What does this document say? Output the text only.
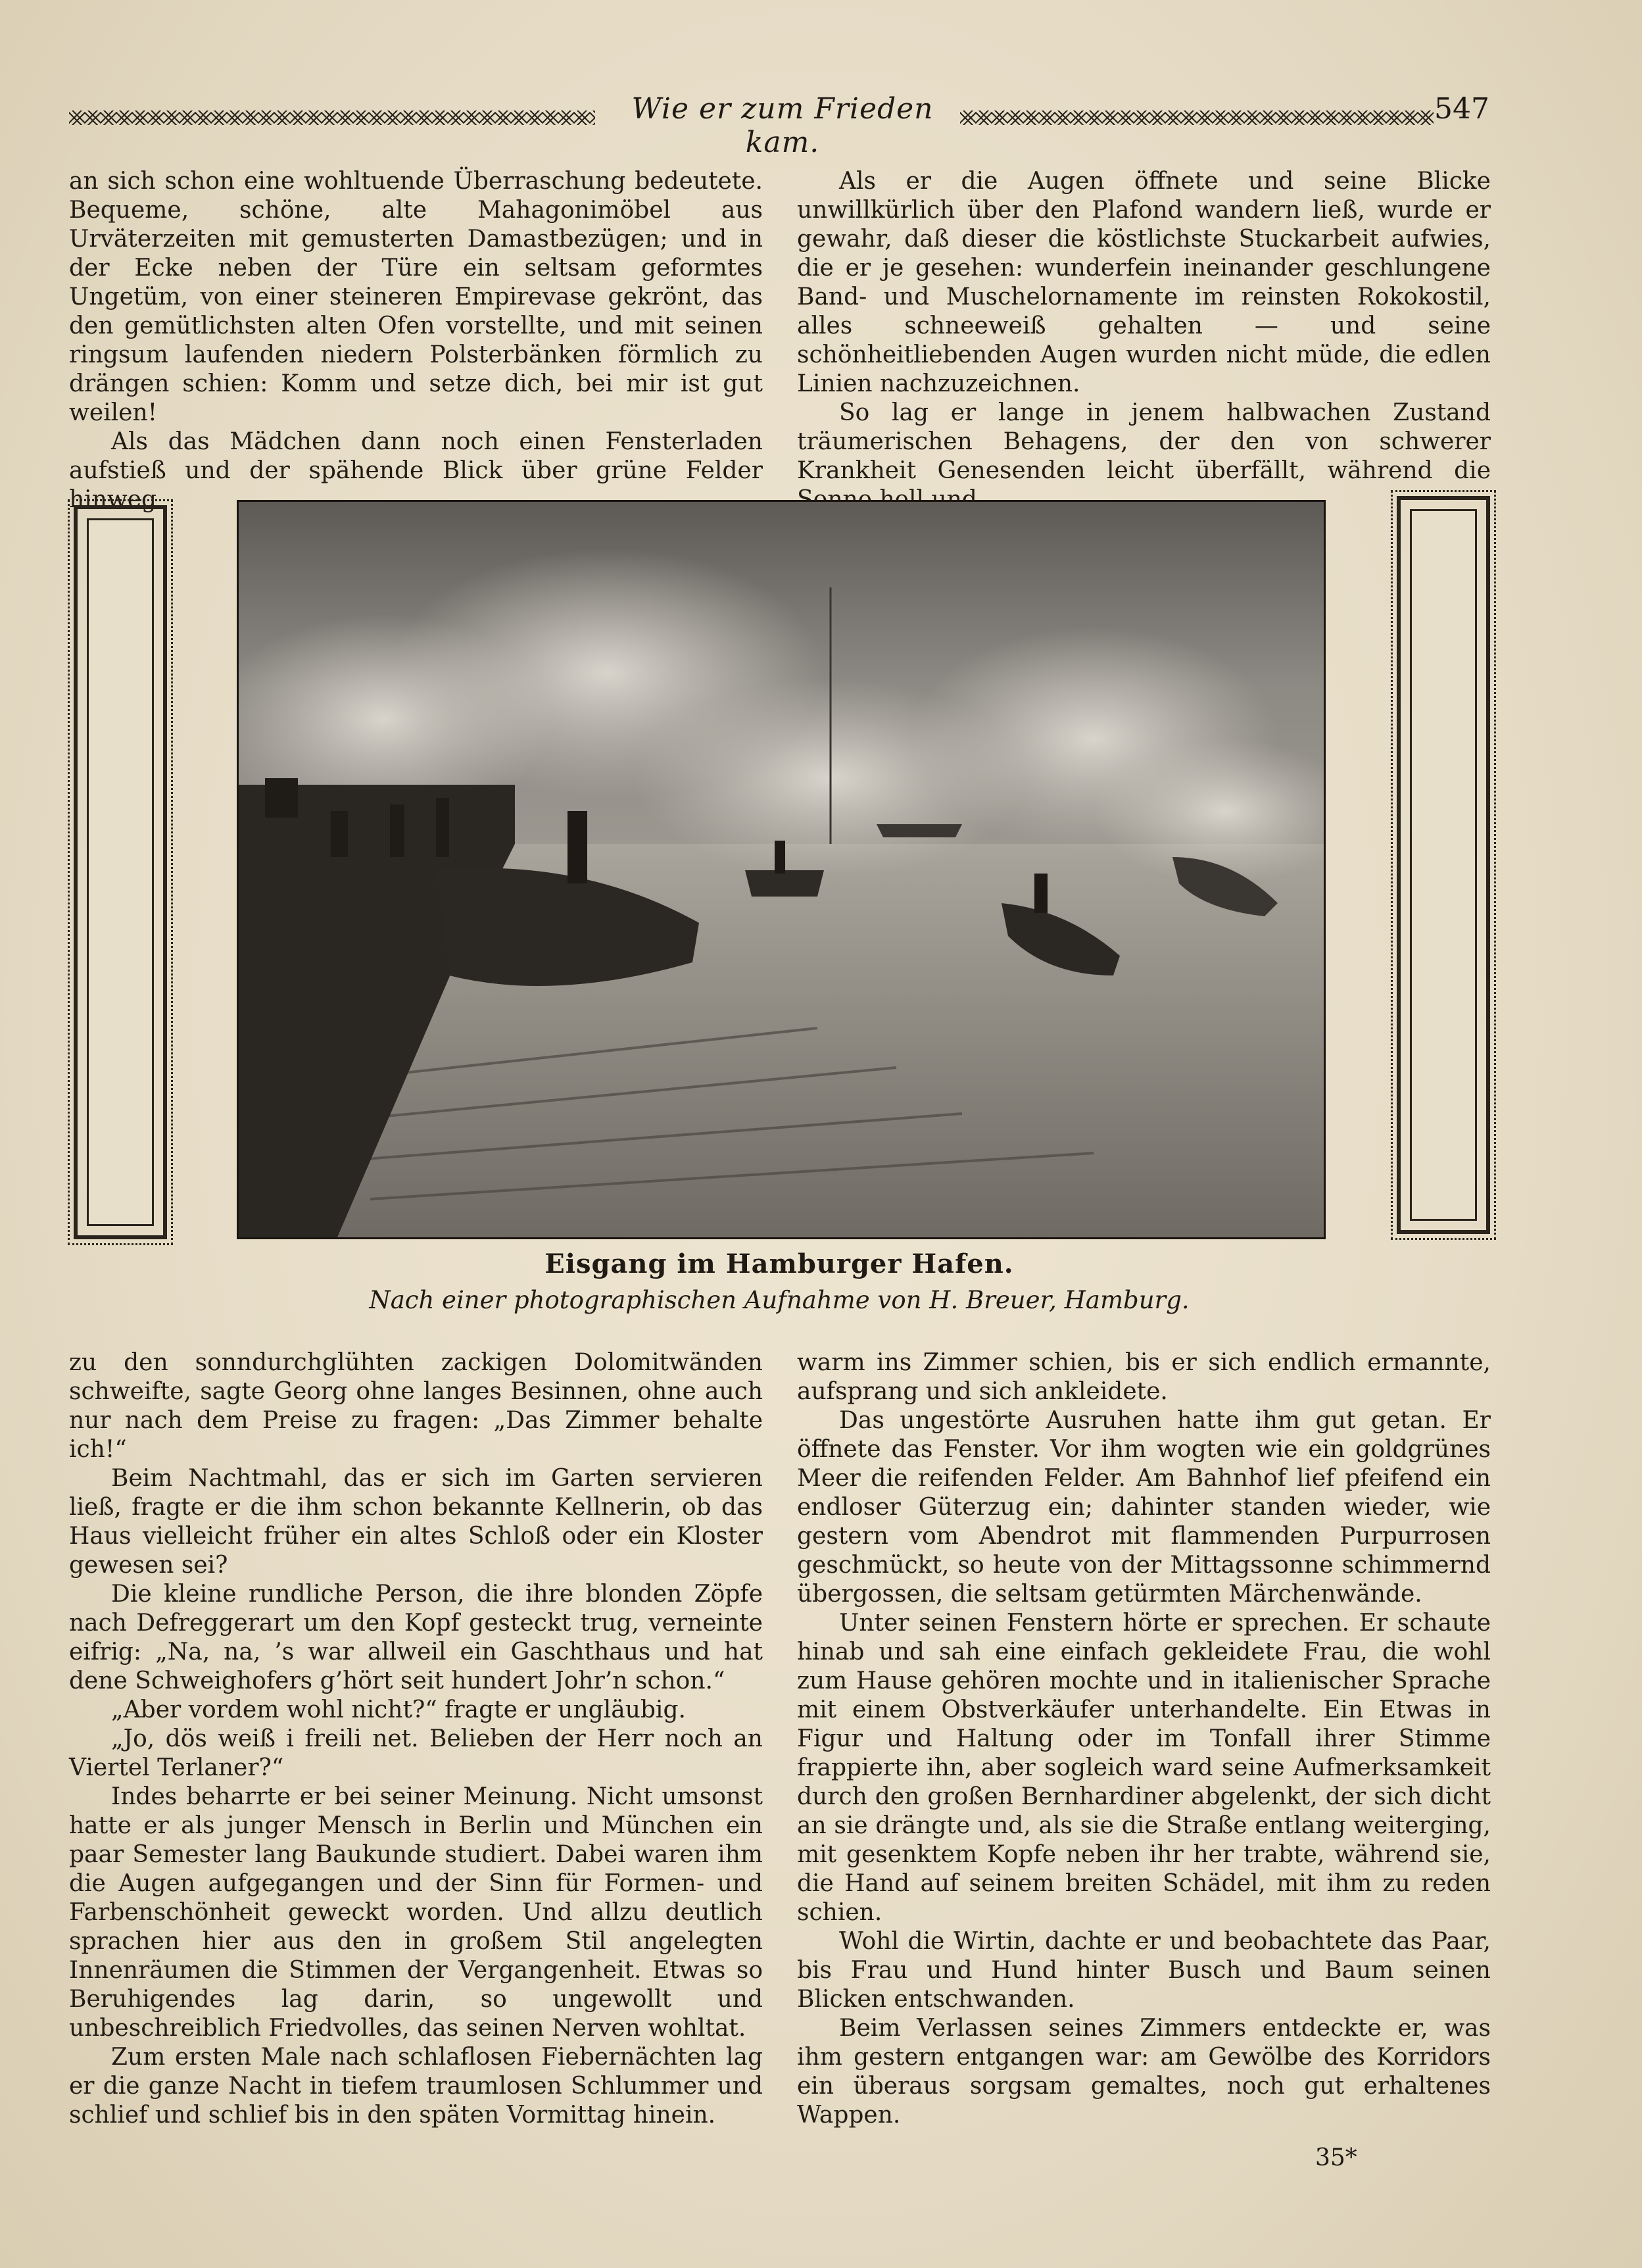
Wie er zum Frieden kam.
547

an sich schon eine wohltuende Überraschung bedeutete. Bequeme, schöne, alte Mahagonimöbel aus Urväterzeiten mit gemusterten Damastbezügen; und in der Ecke neben der Türe ein seltsam geformtes Ungetüm, von einer steineren Empirevase gekrönt, das den gemütlichsten alten Ofen vorstellte, und mit seinen ringsum laufenden niedern Polsterbänken förmlich zu drängen schien: Komm und setze dich, bei mir ist gut weilen!

Als das Mädchen dann noch einen Fensterladen aufstieß und der spähende Blick über grüne Felder hinweg

Als er die Augen öffnete und seine Blicke unwillkürlich über den Plafond wandern ließ, wurde er gewahr, daß dieser die köstlichste Stuckarbeit aufwies, die er je gesehen: wunderfein ineinander geschlungene Band- und Muschelornamente im reinsten Rokokostil, alles schneeweiß gehalten — und seine schönheitliebenden Augen wurden nicht müde, die edlen Linien nachzuzeichnen.

So lag er lange in jenem halbwachen Zustand träumerischen Behagens, der den von schwerer Krankheit Genesenden leicht überfällt, während die

Eisgang im Hamburger Hafen.
Nach einer photographischen Aufnahme von H. Breuer, Hamburg.

zu den sonndurchglühten zackigen Dolomitwänden schweifte, sagte Georg ohne langes Besinnen, ohne auch nur nach dem Preise zu fragen: „Das Zimmer behalte ich!“

Beim Nachtmahl, das er sich im Garten servieren ließ, fragte er die ihm schon bekannte Kellnerin, ob das Haus vielleicht früher ein altes Schloß oder ein Kloster gewesen sei?

Die kleine rundliche Person, die ihre blonden Zöpfe nach Defreggerart um den Kopf gesteckt trug, verneinte eifrig: „Na, na, ’s war allweil ein Gaschthaus und hat dene Schweighofers g’hört seit hundert Johr’n schon.“

„Aber vordem wohl nicht?“ fragte er ungläubig.

„Jo, dös weiß i freili net. Belieben der Herr noch an Viertel Terlaner?“

Indes beharrte er bei seiner Meinung. Nicht umsonst hatte er als junger Mensch in Berlin und München ein paar Semester lang Baukunde studiert. Dabei waren ihm die Augen aufgegangen und der Sinn für Formen- und Farbenschönheit geweckt worden. Und allzu deutlich sprachen hier aus den in großem Stil angelegten Innenräumen die Stimmen der Vergangenheit. Etwas so Beruhigendes lag darin, so ungewollt und unbeschreiblich Friedvolles, das seinen Nerven wohltat.

Zum ersten Male nach schlaflosen Fiebernächten lag er die ganze Nacht in tiefem traumlosen Schlummer und schlief und schlief bis in den späten Vormittag hinein.

warm ins Zimmer schien, bis er sich endlich ermannte, aufsprang und sich ankleidete.

Das ungestörte Ausruhen hatte ihm gut getan. Er öffnete das Fenster. Vor ihm wogten wie ein goldgrünes Meer die reifenden Felder. Am Bahnhof lief pfeifend ein endloser Güterzug ein; dahinter standen wieder, wie gestern vom Abendrot mit flammenden Purpurrosen geschmückt, so heute von der Mittagssonne schimmernd übergossen, die seltsam getürmten Märchenwände.

Unter seinen Fenstern hörte er sprechen. Er schaute hinab und sah eine einfach gekleidete Frau, die wohl zum Hause gehören mochte und in italienischer Sprache mit einem Obstverkäufer unterhandelte. Ein Etwas in Figur und Haltung oder im Tonfall ihrer Stimme frappierte ihn, aber sogleich ward seine Aufmerksamkeit durch den großen Bernhardiner abgelenkt, der sich dicht an sie drängte und, als sie die Straße entlang weiterging, mit gesenktem Kopfe neben ihr her trabte, während sie, die Hand auf seinem breiten Schädel, mit ihm zu reden schien.

Wohl die Wirtin, dachte er und beobachtete das Paar, bis Frau und Hund hinter Busch und Baum seinen Blicken entschwanden.

Beim Verlassen seines Zimmers entdeckte er, was ihm gestern entgangen war: am Gewölbe des Korridors ein überaus sorgsam gemaltes, noch gut erhaltenes Wappen.

35*
